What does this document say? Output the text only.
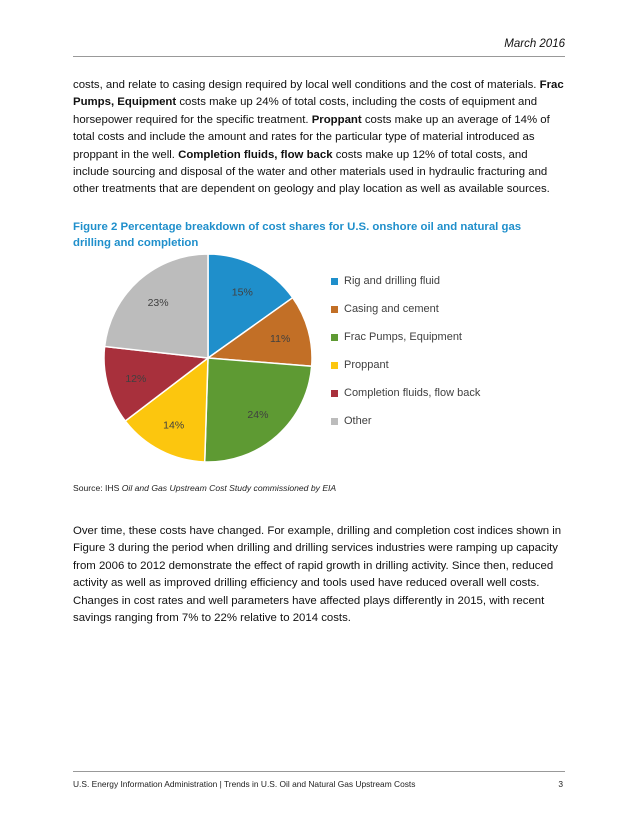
March 2016

costs, and relate to casing design required by local well conditions and the cost of materials. Frac Pumps, Equipment costs make up 24% of total costs, including the costs of equipment and horsepower required for the specific treatment. Proppant costs make up an average of 14% of total costs and include the amount and rates for the particular type of material introduced as proppant in the well. Completion fluids, flow back costs make up 12% of total costs, and include sourcing and disposal of the water and other materials used in hydraulic fracturing and other treatments that are dependent on geology and play location as well as available sources.

Figure 2 Percentage breakdown of cost shares for U.S. onshore oil and natural gas drilling and completion
15%
11%
24%
14%
12%
23%
Rig and drilling fluid
Casing and cement
Frac Pumps, Equipment
Proppant
Completion fluids, flow back
Other
Source: IHS Oil and Gas Upstream Cost Study commissioned by EIA

Over time, these costs have changed. For example, drilling and completion cost indices shown in Figure 3 during the period when drilling and drilling services industries were ramping up capacity from 2006 to 2012 demonstrate the effect of rapid growth in drilling activity. Since then, reduced activity as well as improved drilling efficiency and tools used have reduced overall well costs. Changes in cost rates and well parameters have affected plays differently in 2015, with recent savings ranging from 7% to 22% relative to 2014 costs.

U.S. Energy Information Administration | Trends in U.S. Oil and Natural Gas Upstream Costs	3
